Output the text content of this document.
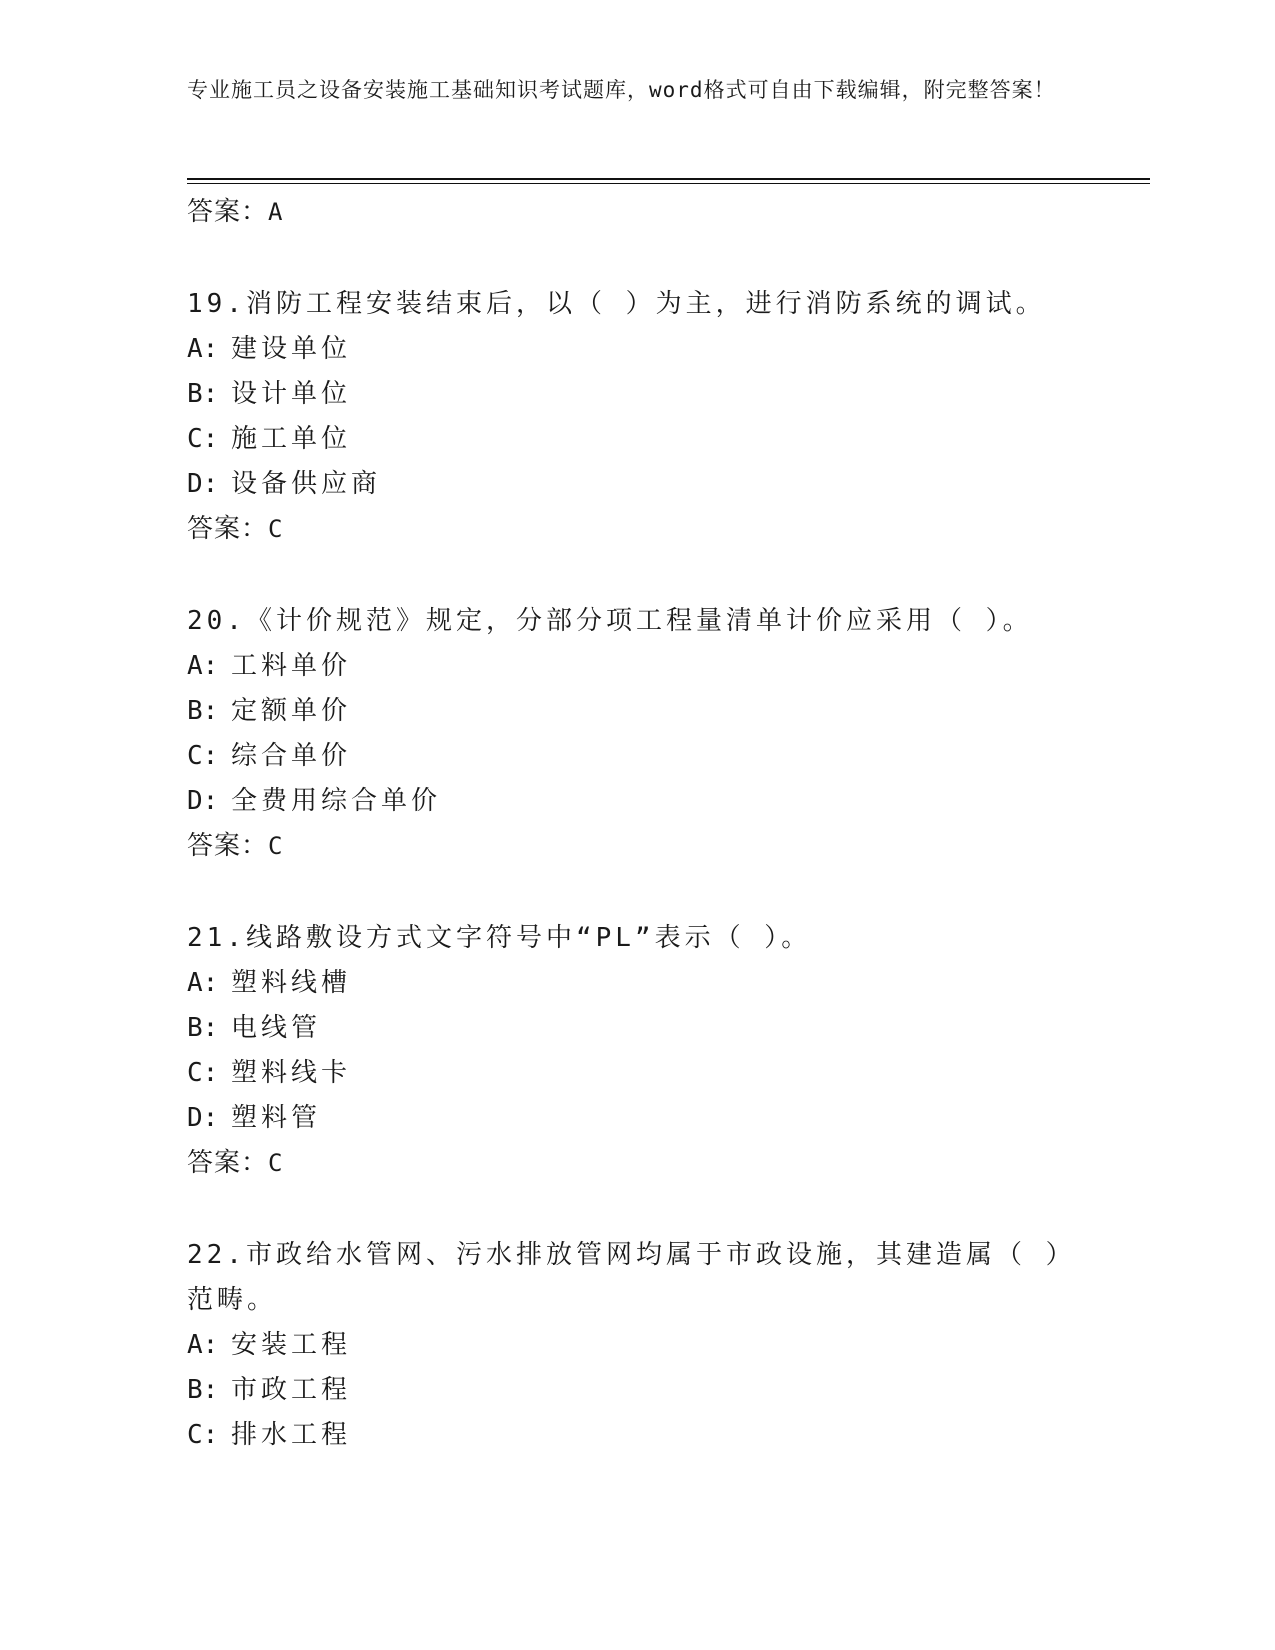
专业施工员之设备安装施工基础知识考试题库，word格式可自由下载编辑，附完整答案！
答案：A
19.消防工程安装结束后，以（ ）为主，进行消防系统的调试。
A: 建设单位
B: 设计单位
C: 施工单位
D: 设备供应商
答案：C
20.《计价规范》规定，分部分项工程量清单计价应采用（ ）。
A: 工料单价
B: 定额单价
C: 综合单价
D: 全费用综合单价
答案：C
21.线路敷设方式文字符号中“PL”表示（ ）。
A: 塑料线槽
B: 电线管
C: 塑料线卡
D: 塑料管
答案：C
22.市政给水管网、污水排放管网均属于市政设施，其建造属（ ）范畴。
A: 安装工程
B: 市政工程
C: 排水工程
